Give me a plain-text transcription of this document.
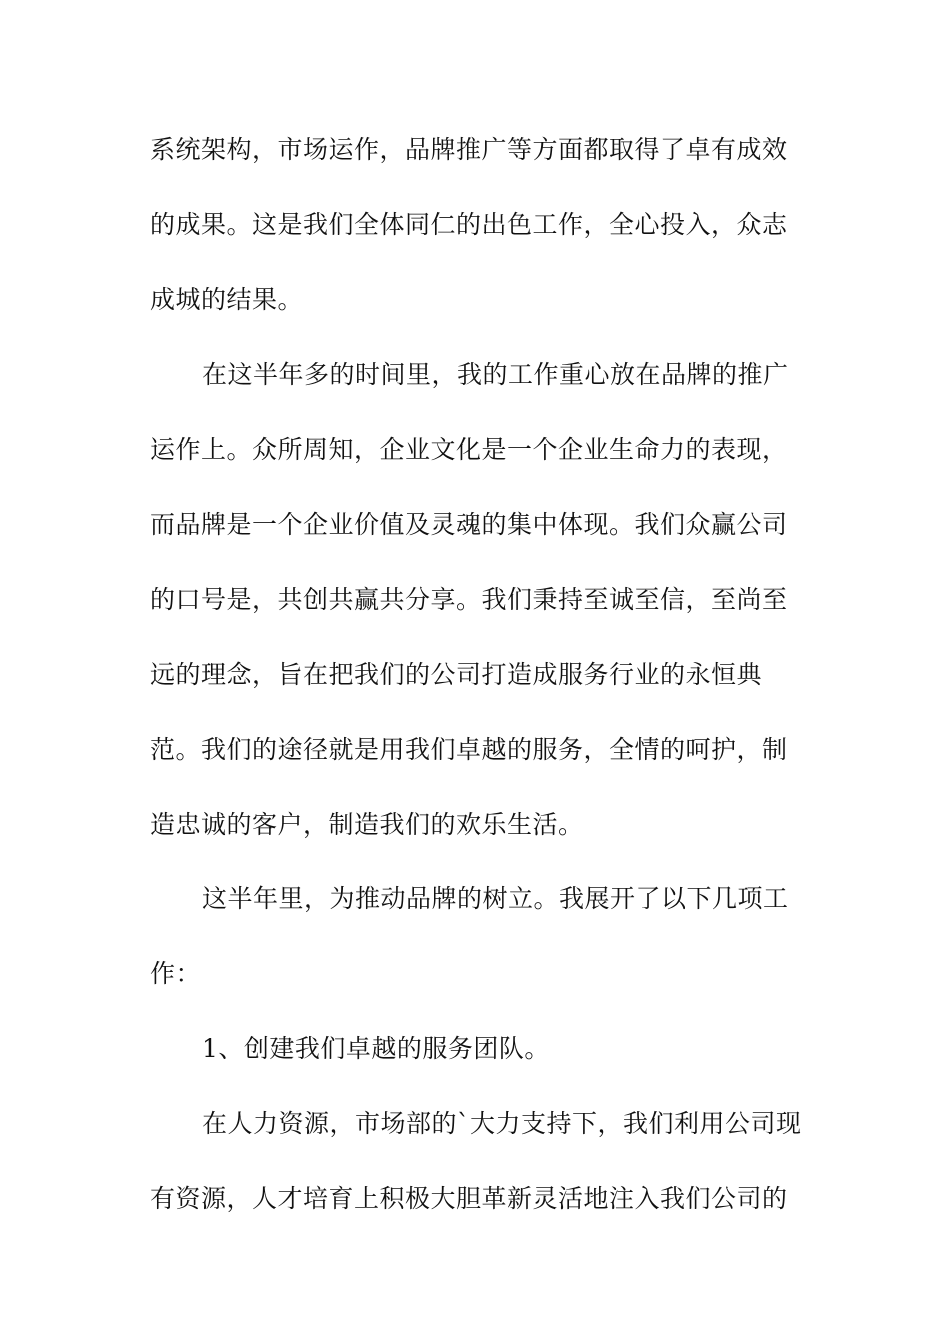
系统架构，市场运作，品牌推广等方面都取得了卓有成效
的成果。这是我们全体同仁的出色工作，全心投入，众志
成城的结果。
在这半年多的时间里，我的工作重心放在品牌的推广
运作上。众所周知，企业文化是一个企业生命力的表现，
而品牌是一个企业价值及灵魂的集中体现。我们众赢公司
的口号是，共创共赢共分享。我们秉持至诚至信，至尚至
远的理念，旨在把我们的公司打造成服务行业的永恒典
范。我们的途径就是用我们卓越的服务，全情的呵护，制
造忠诚的客户，制造我们的欢乐生活。
这半年里，为推动品牌的树立。我展开了以下几项工
作：
1、创建我们卓越的服务团队。
在人力资源，市场部的`大力支持下，我们利用公司现
有资源，人才培育上积极大胆革新灵活地注入我们公司的
